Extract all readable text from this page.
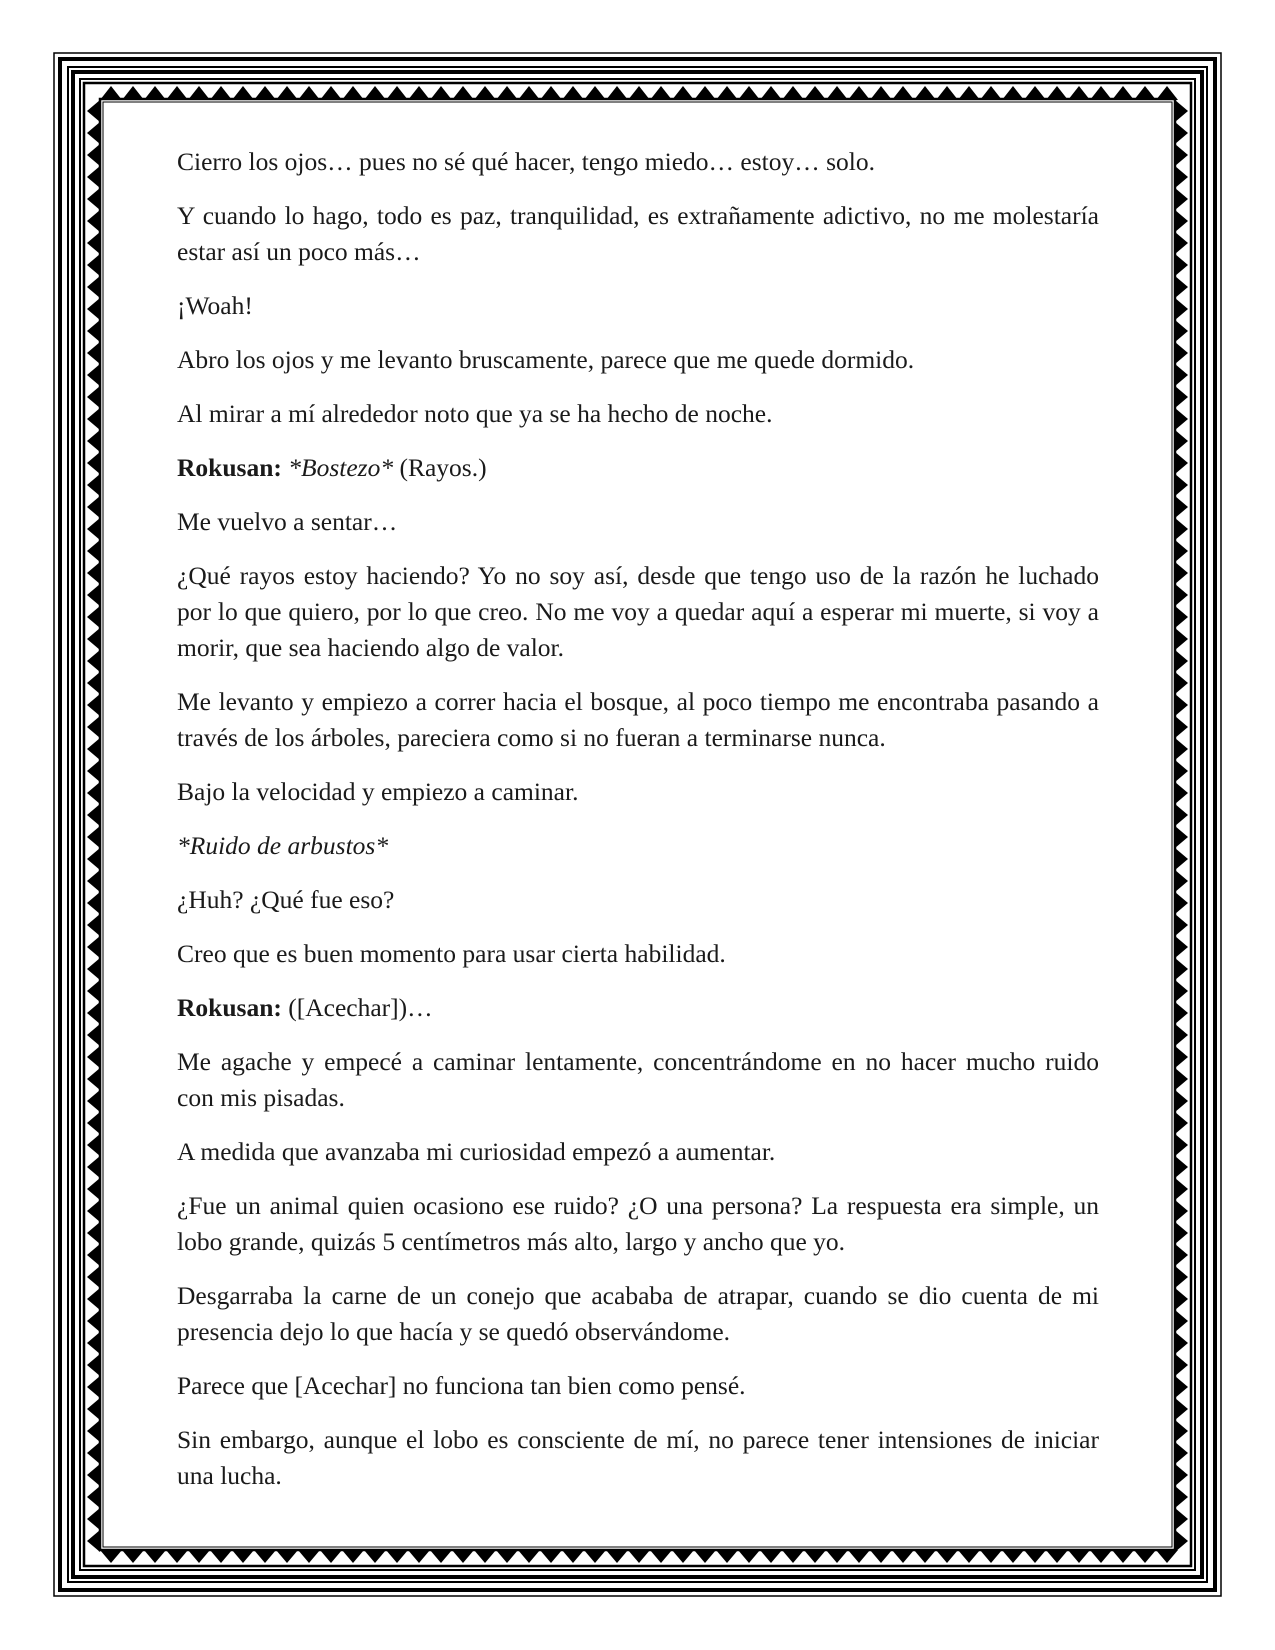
Cierro los ojos… pues no sé qué hacer, tengo miedo… estoy… solo.

Y cuando lo hago, todo es paz, tranquilidad, es extrañamente adictivo, no me molestaría estar así un poco más…

¡Woah!

Abro los ojos y me levanto bruscamente, parece que me quede dormido.

Al mirar a mí alrededor noto que ya se ha hecho de noche.

Rokusan: *Bostezo* (Rayos.)

Me vuelvo a sentar…

¿Qué rayos estoy haciendo? Yo no soy así, desde que tengo uso de la razón he luchado por lo que quiero, por lo que creo. No me voy a quedar aquí a esperar mi muerte, si voy a morir, que sea haciendo algo de valor.

Me levanto y empiezo a correr hacia el bosque, al poco tiempo me encontraba pasando a través de los árboles, pareciera como si no fueran a terminarse nunca.

Bajo la velocidad y empiezo a caminar.

*Ruido de arbustos*

¿Huh? ¿Qué fue eso?

Creo que es buen momento para usar cierta habilidad.

Rokusan: ([Acechar])…

Me agache y empecé a caminar lentamente, concentrándome en no hacer mucho ruido con mis pisadas.

A medida que avanzaba mi curiosidad empezó a aumentar.

¿Fue un animal quien ocasiono ese ruido? ¿O una persona? La respuesta era simple, un lobo grande, quizás 5 centímetros más alto, largo y ancho que yo.

Desgarraba la carne de un conejo que acababa de atrapar, cuando se dio cuenta de mi presencia dejo lo que hacía y se quedó observándome.

Parece que [Acechar] no funciona tan bien como pensé.

Sin embargo, aunque el lobo es consciente de mí, no parece tener intensiones de iniciar una lucha.
